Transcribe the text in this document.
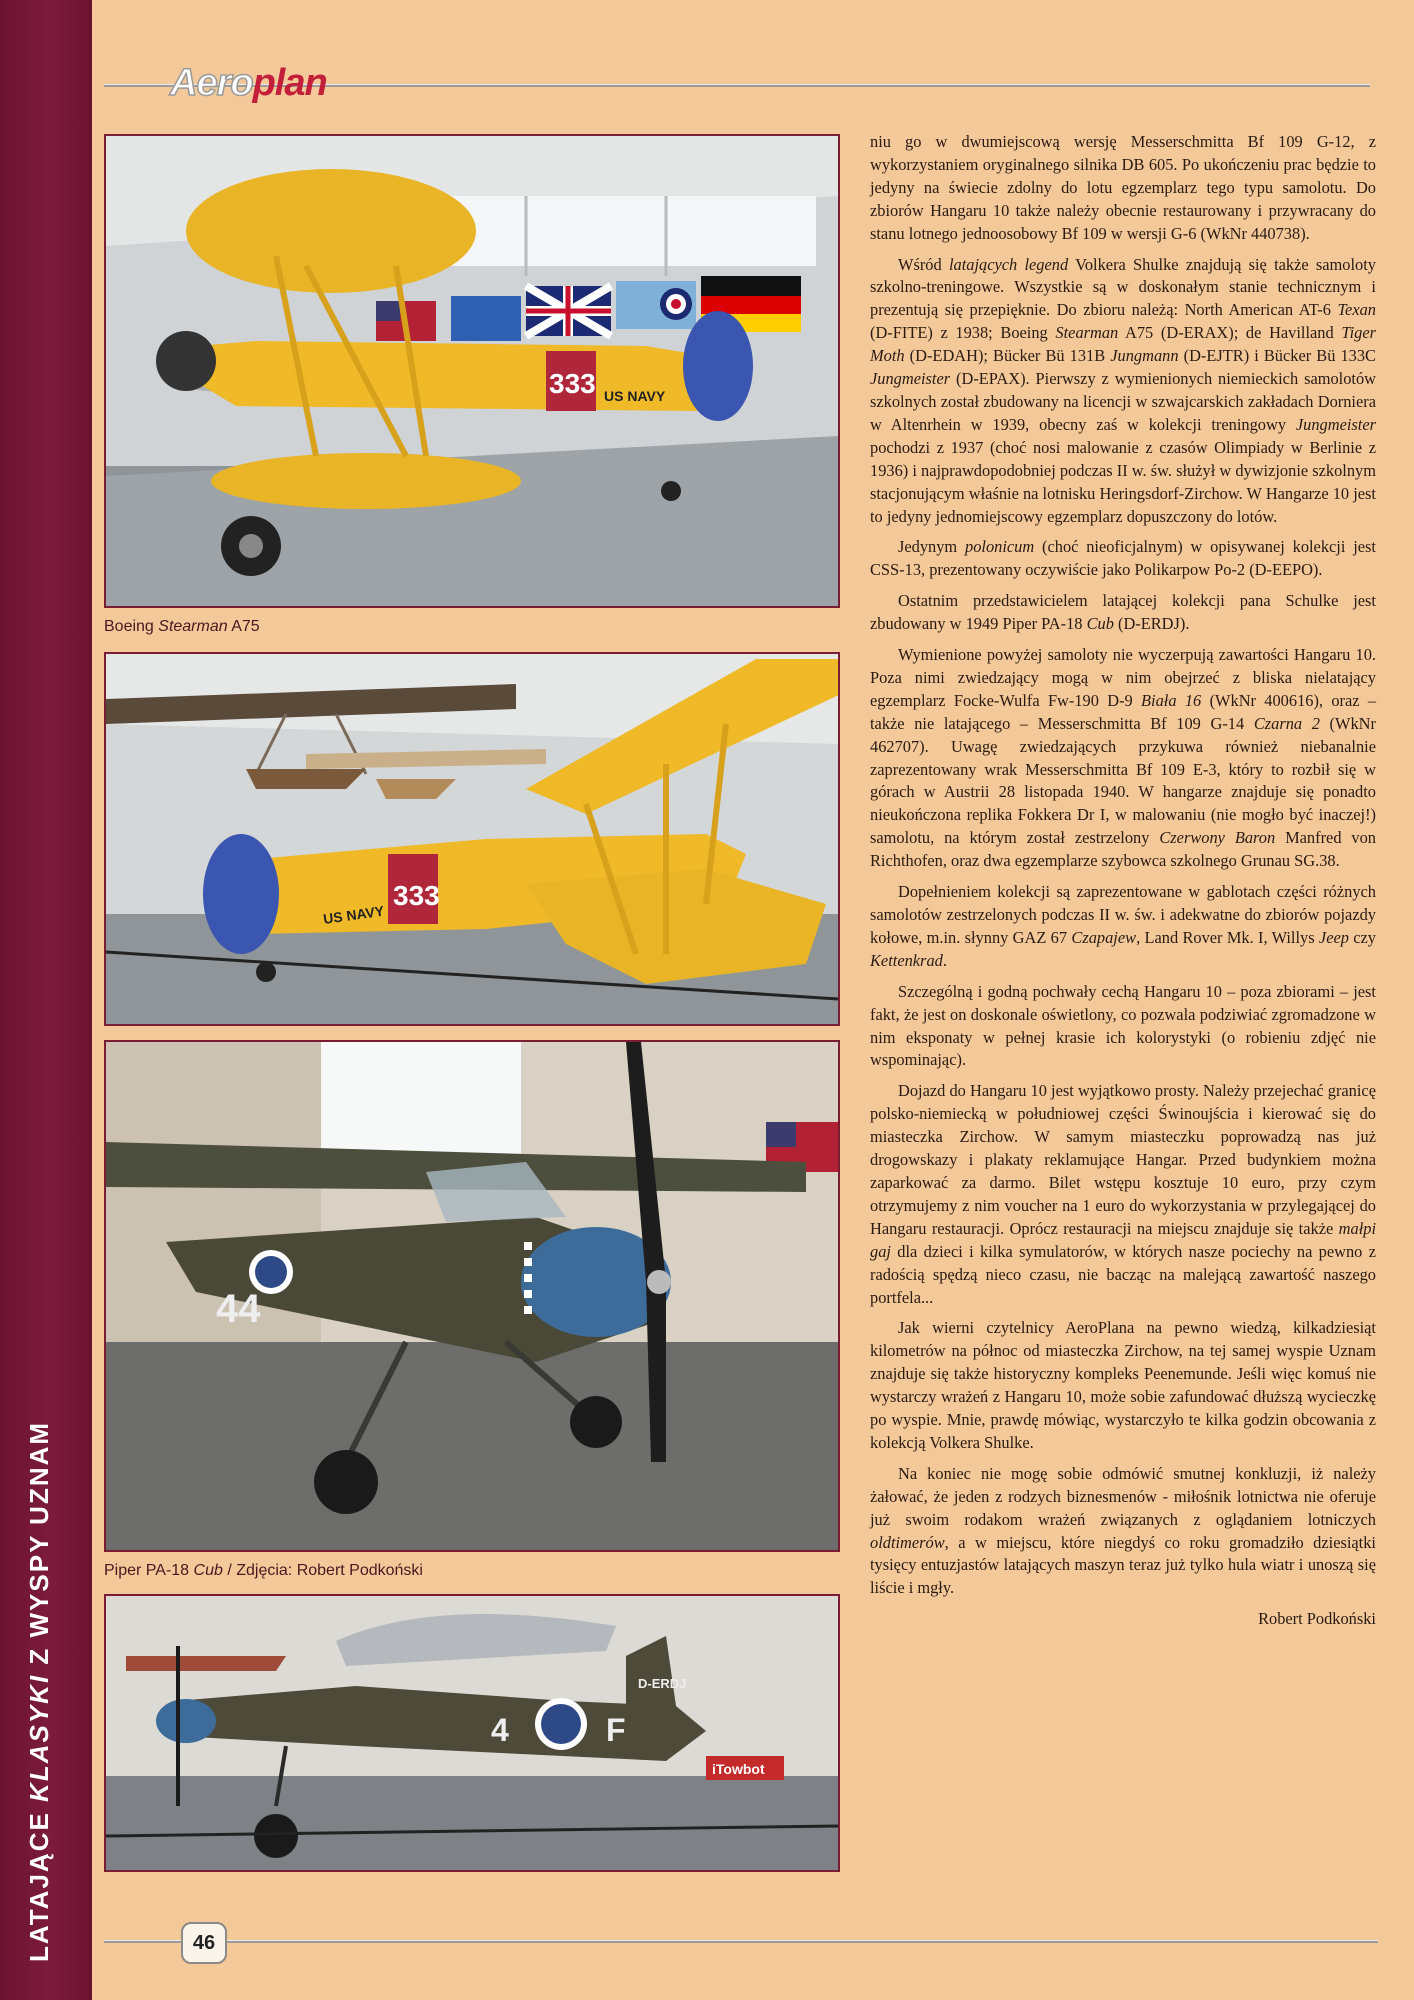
LATAJĄCE KLASYKI Z WYSPY UZNAM
Aeroplan
333 US NAVY
Boeing Stearman A75
333
US NAVY
44
Piper PA-18 Cub / Zdjęcia: Robert Podkoński
D-ERDJ
4	F
iTowbot

niu go w dwumiejscową wersję Messerschmitta Bf 109 G-12, z wykorzystaniem oryginalnego silnika DB 605. Po ukończeniu prac będzie to jedyny na świecie zdolny do lotu egzemplarz tego typu samolotu. Do zbiorów Hangaru 10 także należy obecnie restaurowany i przywracany do stanu lotnego jednoosobowy Bf 109 w wersji G-6 (WkNr 440738).

Wśród latających legend Volkera Shulke znajdują się także samoloty szkolno-treningowe. Wszystkie są w doskonałym stanie technicznym i prezentują się przepięknie. Do zbioru należą: North American AT-6 Texan (D-FITE) z 1938; Boeing Stearman A75 (D-ERAX); de Havilland Tiger Moth (D-EDAH); Bücker Bü 131B Jungmann (D-EJTR) i Bücker Bü 133C Jungmeister (D-EPAX). Pierwszy z wymienionych niemieckich samolotów szkolnych został zbudowany na licencji w szwajcarskich zakładach Dorniera w Altenrhein w 1939, obecny zaś w kolekcji treningowy Jungmeister pochodzi z 1937 (choć nosi malowanie z czasów Olimpiady w Berlinie z 1936) i najprawdopodobniej podczas II w. św. służył w dywizjonie szkolnym stacjonującym właśnie na lotnisku Heringsdorf-Zirchow. W Hangarze 10 jest to jedyny jednomiejscowy egzemplarz dopuszczony do lotów.

Jedynym polonicum (choć nieoficjalnym) w opisywanej kolekcji jest CSS-13, prezentowany oczywiście jako Polikarpow Po-2 (D-EEPO).

Ostatnim przedstawicielem latającej kolekcji pana Schulke jest zbudowany w 1949 Piper PA-18 Cub (D-ERDJ).

Wymienione powyżej samoloty nie wyczerpują zawartości Hangaru 10. Poza nimi zwiedzający mogą w nim obejrzeć z bliska nielatający egzemplarz Focke-Wulfa Fw-190 D-9 Biała 16 (WkNr 400616), oraz – także nie latającego – Messerschmitta Bf 109 G-14 Czarna 2 (WkNr 462707). Uwagę zwiedzających przykuwa również niebanalnie zaprezentowany wrak Messerschmitta Bf 109 E-3, który to rozbił się w górach w Austrii 28 listopada 1940. W hangarze znajduje się ponadto nieukończona replika Fokkera Dr I, w malowaniu (nie mogło być inaczej!) samolotu, na którym został zestrzelony Czerwony Baron Manfred von Richthofen, oraz dwa egzemplarze szybowca szkolnego Grunau SG.38.

Dopełnieniem kolekcji są zaprezentowane w gablotach części różnych samolotów zestrzelonych podczas II w. św. i adekwatne do zbiorów pojazdy kołowe, m.in. słynny GAZ 67 Czapajew, Land Rover Mk. I, Willys Jeep czy Kettenkrad.

Szczególną i godną pochwały cechą Hangaru 10 – poza zbiorami – jest fakt, że jest on doskonale oświetlony, co pozwala podziwiać zgromadzone w nim eksponaty w pełnej krasie ich kolorystyki (o robieniu zdjęć nie wspominając).

Dojazd do Hangaru 10 jest wyjątkowo prosty. Należy przejechać granicę polsko-niemiecką w południowej części Świnoujścia i kierować się do miasteczka Zirchow. W samym miasteczku poprowadzą nas już drogowskazy i plakaty reklamujące Hangar. Przed budynkiem można zaparkować za darmo. Bilet wstępu kosztuje 10 euro, przy czym otrzymujemy z nim voucher na 1 euro do wykorzystania w przylegającej do Hangaru restauracji. Oprócz restauracji na miejscu znajduje się także małpi gaj dla dzieci i kilka symulatorów, w których nasze pociechy na pewno z radością spędzą nieco czasu, nie bacząc na malejącą zawartość naszego portfela...

Jak wierni czytelnicy AeroPlana na pewno wiedzą, kilkadziesiąt kilometrów na północ od miasteczka Zirchow, na tej samej wyspie Uznam znajduje się także historyczny kompleks Peenemunde. Jeśli więc komuś nie wystarczy wrażeń z Hangaru 10, może sobie zafundować dłuższą wycieczkę po wyspie. Mnie, prawdę mówiąc, wystarczyło te kilka godzin obcowania z kolekcją Volkera Shulke.

Na koniec nie mogę sobie odmówić smutnej konkluzji, iż należy żałować, że jeden z rodzych biznesmenów - miłośnik lotnictwa nie oferuje już swoim rodakom wrażeń związanych z oglądaniem lotniczych oldtimerów, a w miejscu, które niegdyś co roku gromadziło dziesiątki tysięcy entuzjastów latających maszyn teraz już tylko hula wiatr i unoszą się liście i mgły.

Robert Podkoński

46
